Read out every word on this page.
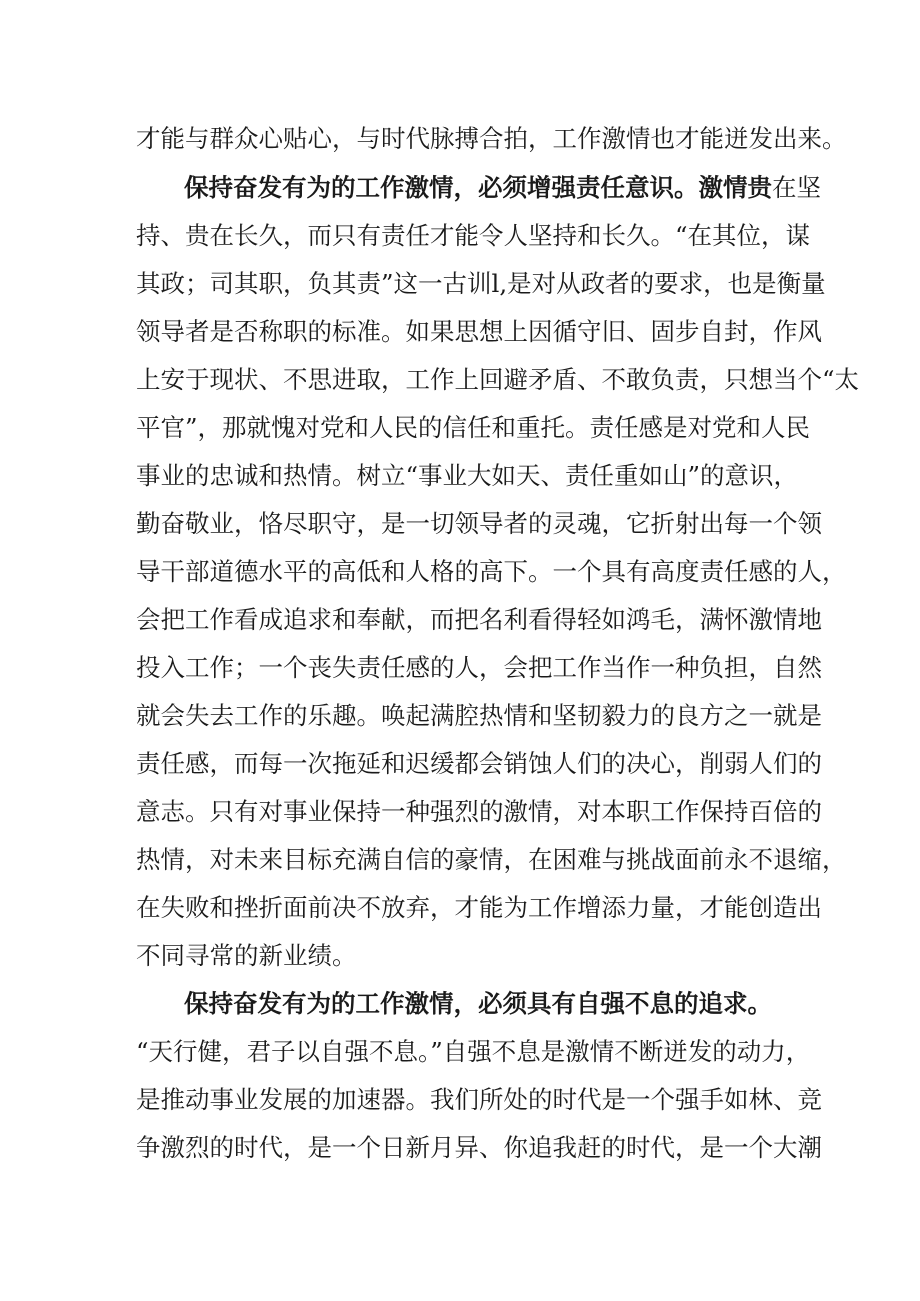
才能与群众心贴心，与时代脉搏合拍，工作激情也才能迸发出来。
保持奋发有为的工作激情，必须增强责任意识。激情贵在坚
持、贵在长久，而只有责任才能令人坚持和长久。“在其位，谋
其政；司其职，负其责”这一古训l,是对从政者的要求，也是衡量
领导者是否称职的标准。如果思想上因循守旧、固步自封，作风
上安于现状、不思进取，工作上回避矛盾、不敢负责，只想当个“太
平官”，那就愧对党和人民的信任和重托。责任感是对党和人民
事业的忠诚和热情。树立“事业大如天、责任重如山”的意识，
勤奋敬业，恪尽职守，是一切领导者的灵魂，它折射出每一个领
导干部道德水平的高低和人格的高下。一个具有高度责任感的人，
会把工作看成追求和奉献，而把名利看得轻如鸿毛，满怀激情地
投入工作；一个丧失责任感的人，会把工作当作一种负担，自然
就会失去工作的乐趣。唤起满腔热情和坚韧毅力的良方之一就是
责任感，而每一次拖延和迟缓都会销蚀人们的决心，削弱人们的
意志。只有对事业保持一种强烈的激情，对本职工作保持百倍的
热情，对未来目标充满自信的豪情，在困难与挑战面前永不退缩，
在失败和挫折面前决不放弃，才能为工作增添力量，才能创造出
不同寻常的新业绩。
保持奋发有为的工作激情，必须具有自强不息的追求。
“天行健，君子以自强不息。”自强不息是激情不断迸发的动力，
是推动事业发展的加速器。我们所处的时代是一个强手如林、竞
争激烈的时代，是一个日新月异、你追我赶的时代，是一个大潮
